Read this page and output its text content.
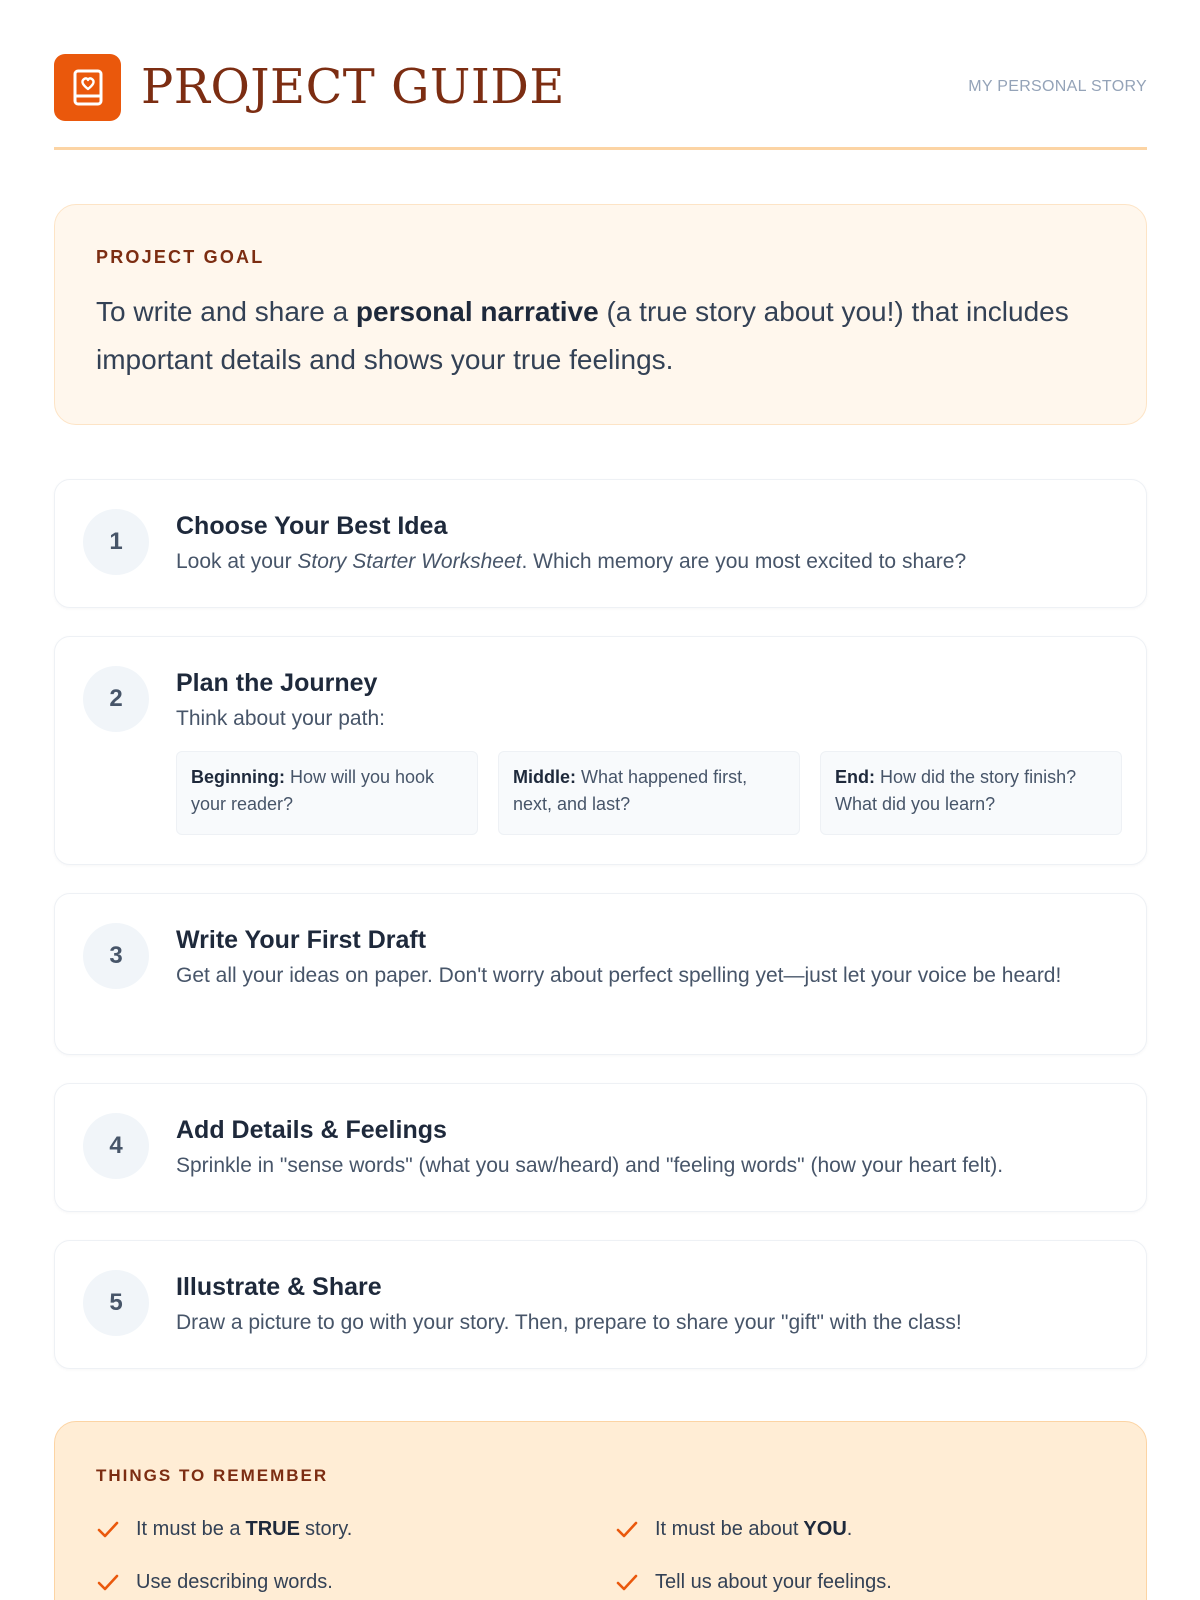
PROJECT GUIDE	MY PERSONAL STORY
PROJECT GOAL
To write and share a personal narrative (a true story about you!) that includes important details and shows your true feelings.
1
Choose Your Best Idea
Look at your Story Starter Worksheet. Which memory are you most excited to share?
2
Plan the Journey
Think about your path:
Beginning: How will you hook your reader?
Middle: What happened first, next, and last?
End: How did the story finish? What did you learn?
3
Write Your First Draft
Get all your ideas on paper. Don't worry about perfect spelling yet—just let your voice be heard!
4
Add Details & Feelings
Sprinkle in "sense words" (what you saw/heard) and "feeling words" (how your heart felt).
5
Illustrate & Share
Draw a picture to go with your story. Then, prepare to share your "gift" with the class!
THINGS TO REMEMBER
It must be a TRUE story.	It must be about YOU .
Use describing words.	Tell us about your feelings.
